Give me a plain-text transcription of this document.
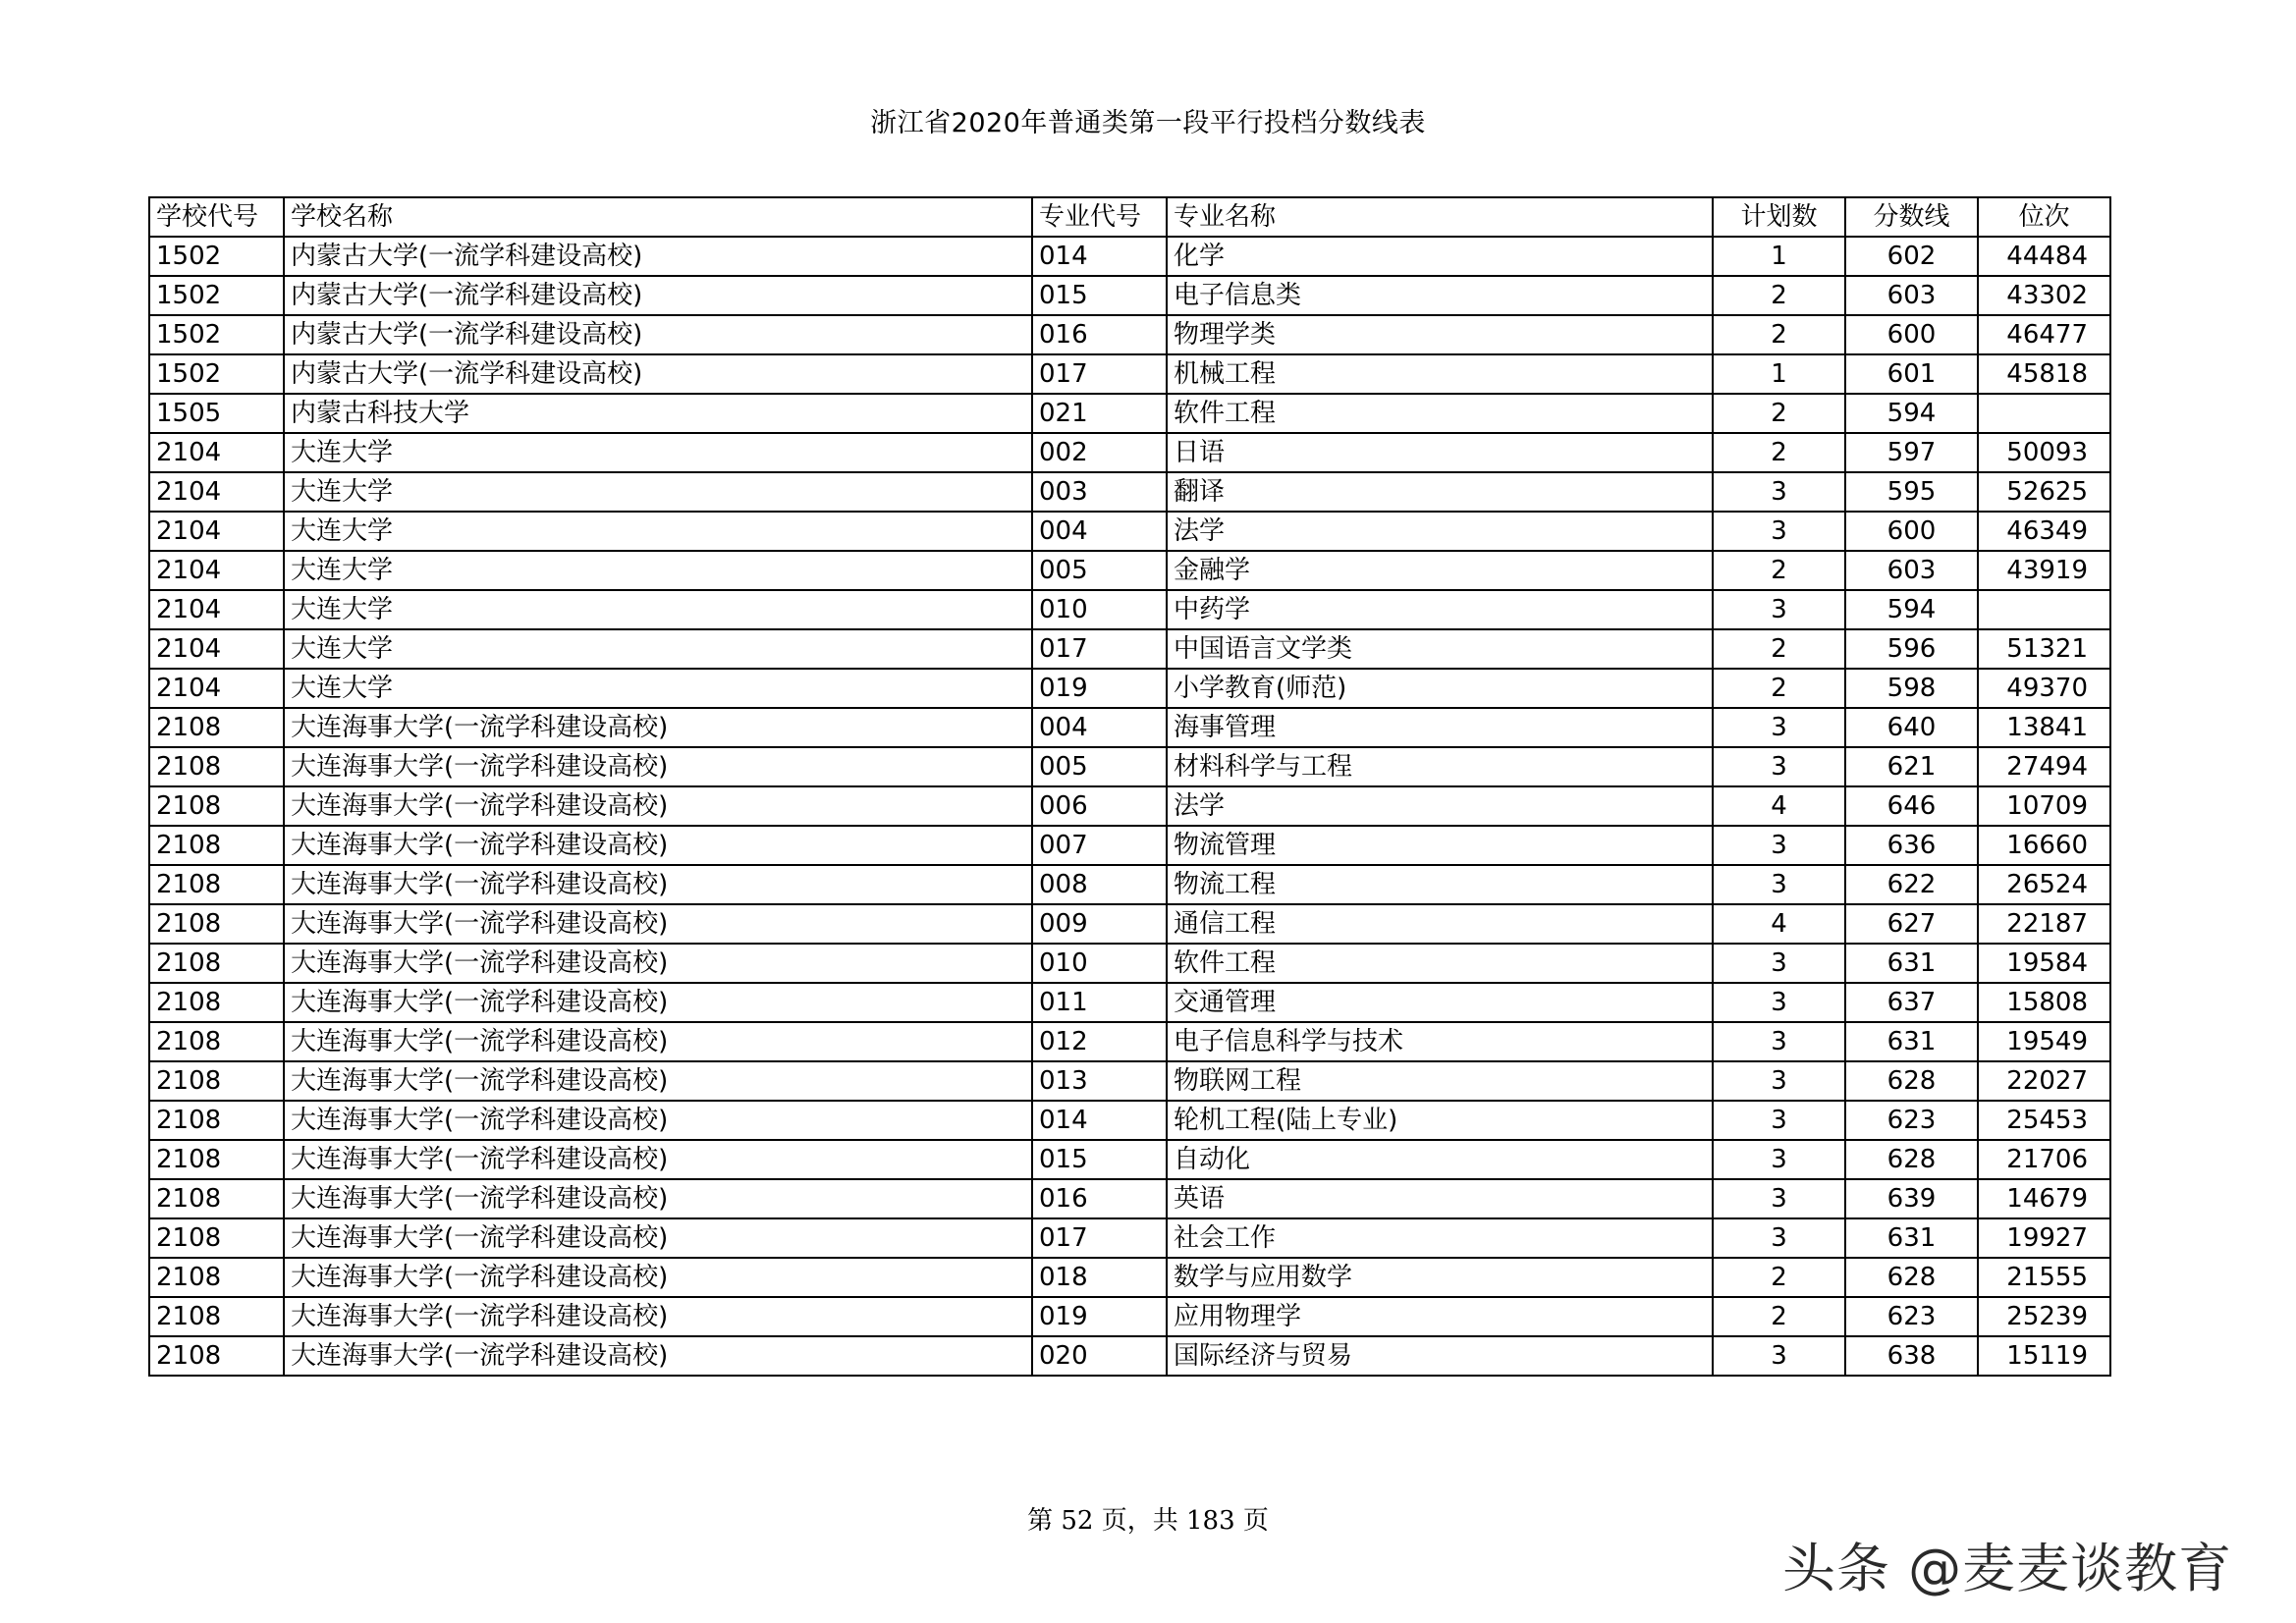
浙江省2020年普通类第一段平行投档分数线表
学校代号	学校名称	专业代号	专业名称	计划数	分数线	位次
1502	内蒙古大学(一流学科建设高校)	014	化学	1	602	44484
1502	内蒙古大学(一流学科建设高校)	015	电子信息类	2	603	43302
1502	内蒙古大学(一流学科建设高校)	016	物理学类	2	600	46477
1502	内蒙古大学(一流学科建设高校)	017	机械工程	1	601	45818
1505	内蒙古科技大学	021	软件工程	2	594	
2104	大连大学	002	日语	2	597	50093
2104	大连大学	003	翻译	3	595	52625
2104	大连大学	004	法学	3	600	46349
2104	大连大学	005	金融学	2	603	43919
2104	大连大学	010	中药学	3	594	
2104	大连大学	017	中国语言文学类	2	596	51321
2104	大连大学	019	小学教育(师范)	2	598	49370
2108	大连海事大学(一流学科建设高校)	004	海事管理	3	640	13841
2108	大连海事大学(一流学科建设高校)	005	材料科学与工程	3	621	27494
2108	大连海事大学(一流学科建设高校)	006	法学	4	646	10709
2108	大连海事大学(一流学科建设高校)	007	物流管理	3	636	16660
2108	大连海事大学(一流学科建设高校)	008	物流工程	3	622	26524
2108	大连海事大学(一流学科建设高校)	009	通信工程	4	627	22187
2108	大连海事大学(一流学科建设高校)	010	软件工程	3	631	19584
2108	大连海事大学(一流学科建设高校)	011	交通管理	3	637	15808
2108	大连海事大学(一流学科建设高校)	012	电子信息科学与技术	3	631	19549
2108	大连海事大学(一流学科建设高校)	013	物联网工程	3	628	22027
2108	大连海事大学(一流学科建设高校)	014	轮机工程(陆上专业)	3	623	25453
2108	大连海事大学(一流学科建设高校)	015	自动化	3	628	21706
2108	大连海事大学(一流学科建设高校)	016	英语	3	639	14679
2108	大连海事大学(一流学科建设高校)	017	社会工作	3	631	19927
2108	大连海事大学(一流学科建设高校)	018	数学与应用数学	2	628	21555
2108	大连海事大学(一流学科建设高校)	019	应用物理学	2	623	25239
2108	大连海事大学(一流学科建设高校)	020	国际经济与贸易	3	638	15119
第 52 页，共 183 页
头条 @麦麦谈教育
